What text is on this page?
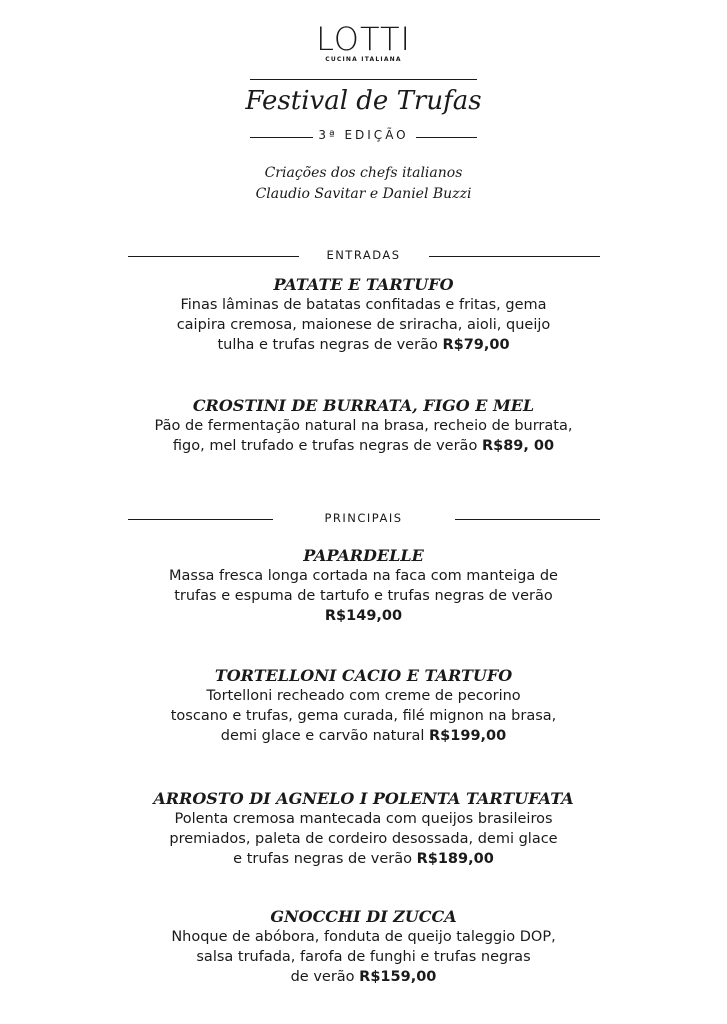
LOTTI
CUCINA ITALIANA
Festival de Trufas
3ª EDIÇÃO
Criações dos chefs italianos
Claudio Savitar e Daniel Buzzi
ENTRADAS
PATATE E TARTUFO
Finas lâminas de batatas confitadas e fritas, gema
caipira cremosa, maionese de sriracha, aioli, queijo
tulha e trufas negras de verão R$79,00
CROSTINI DE BURRATA, FIGO E MEL
Pão de fermentação natural na brasa, recheio de burrata,
figo, mel trufado e trufas negras de verão R$89, 00
PRINCIPAIS
PAPARDELLE
Massa fresca longa cortada na faca com manteiga de
trufas e espuma de tartufo e trufas negras de verão
R$149,00
TORTELLONI CACIO E TARTUFO
Tortelloni recheado com creme de pecorino
toscano e trufas, gema curada, filé mignon na brasa,
demi glace e carvão natural R$199,00
ARROSTO DI AGNELO I POLENTA TARTUFATA
Polenta cremosa mantecada com queijos brasileiros
premiados, paleta de cordeiro desossada, demi glace
e trufas negras de verão R$189,00
GNOCCHI DI ZUCCA
Nhoque de abóbora, fonduta de queijo taleggio DOP,
salsa trufada, farofa de funghi e trufas negras
de verão R$159,00
